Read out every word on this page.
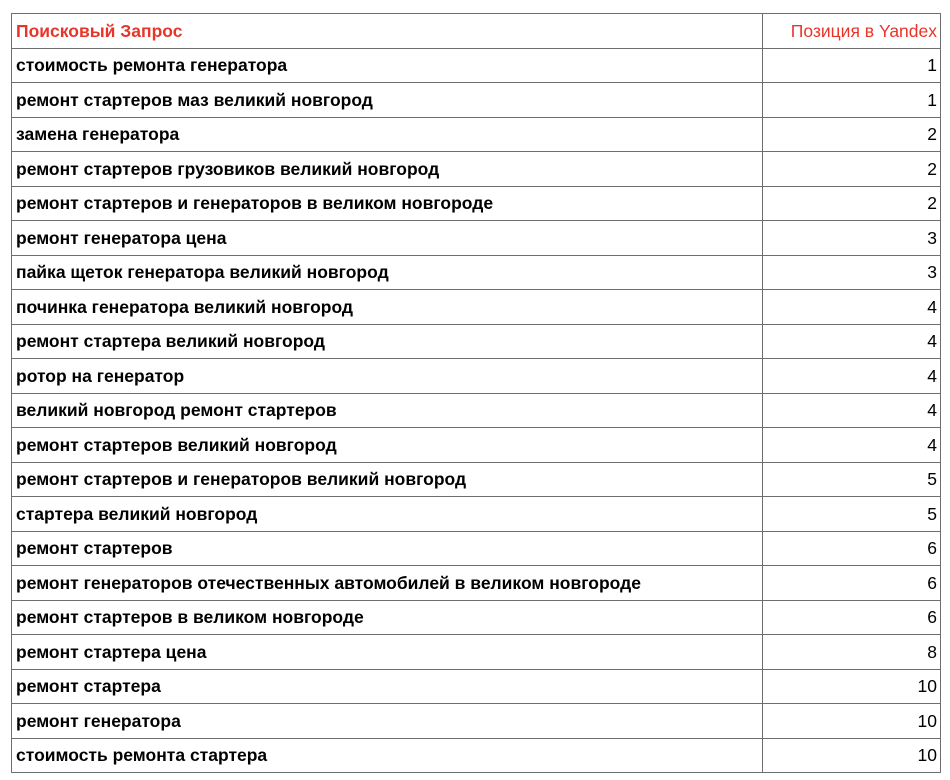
Поисковый Запрос	Позиция в Yandex
стоимость ремонта генератора	1
ремонт стартеров маз великий новгород	1
замена генератора	2
ремонт стартеров грузовиков великий новгород	2
ремонт стартеров и генераторов в великом новгороде	2
ремонт генератора цена	3
пайка щеток генератора великий новгород	3
починка генератора великий новгород	4
ремонт стартера великий новгород	4
ротор на генератор	4
великий новгород ремонт стартеров	4
ремонт стартеров великий новгород	4
ремонт стартеров и генераторов великий новгород	5
стартера великий новгород	5
ремонт стартеров	6
ремонт генераторов отечественных автомобилей в великом новгороде	6
ремонт стартеров в великом новгороде	6
ремонт стартера цена	8
ремонт стартера	10
ремонт генератора	10
стоимость ремонта стартера	10
